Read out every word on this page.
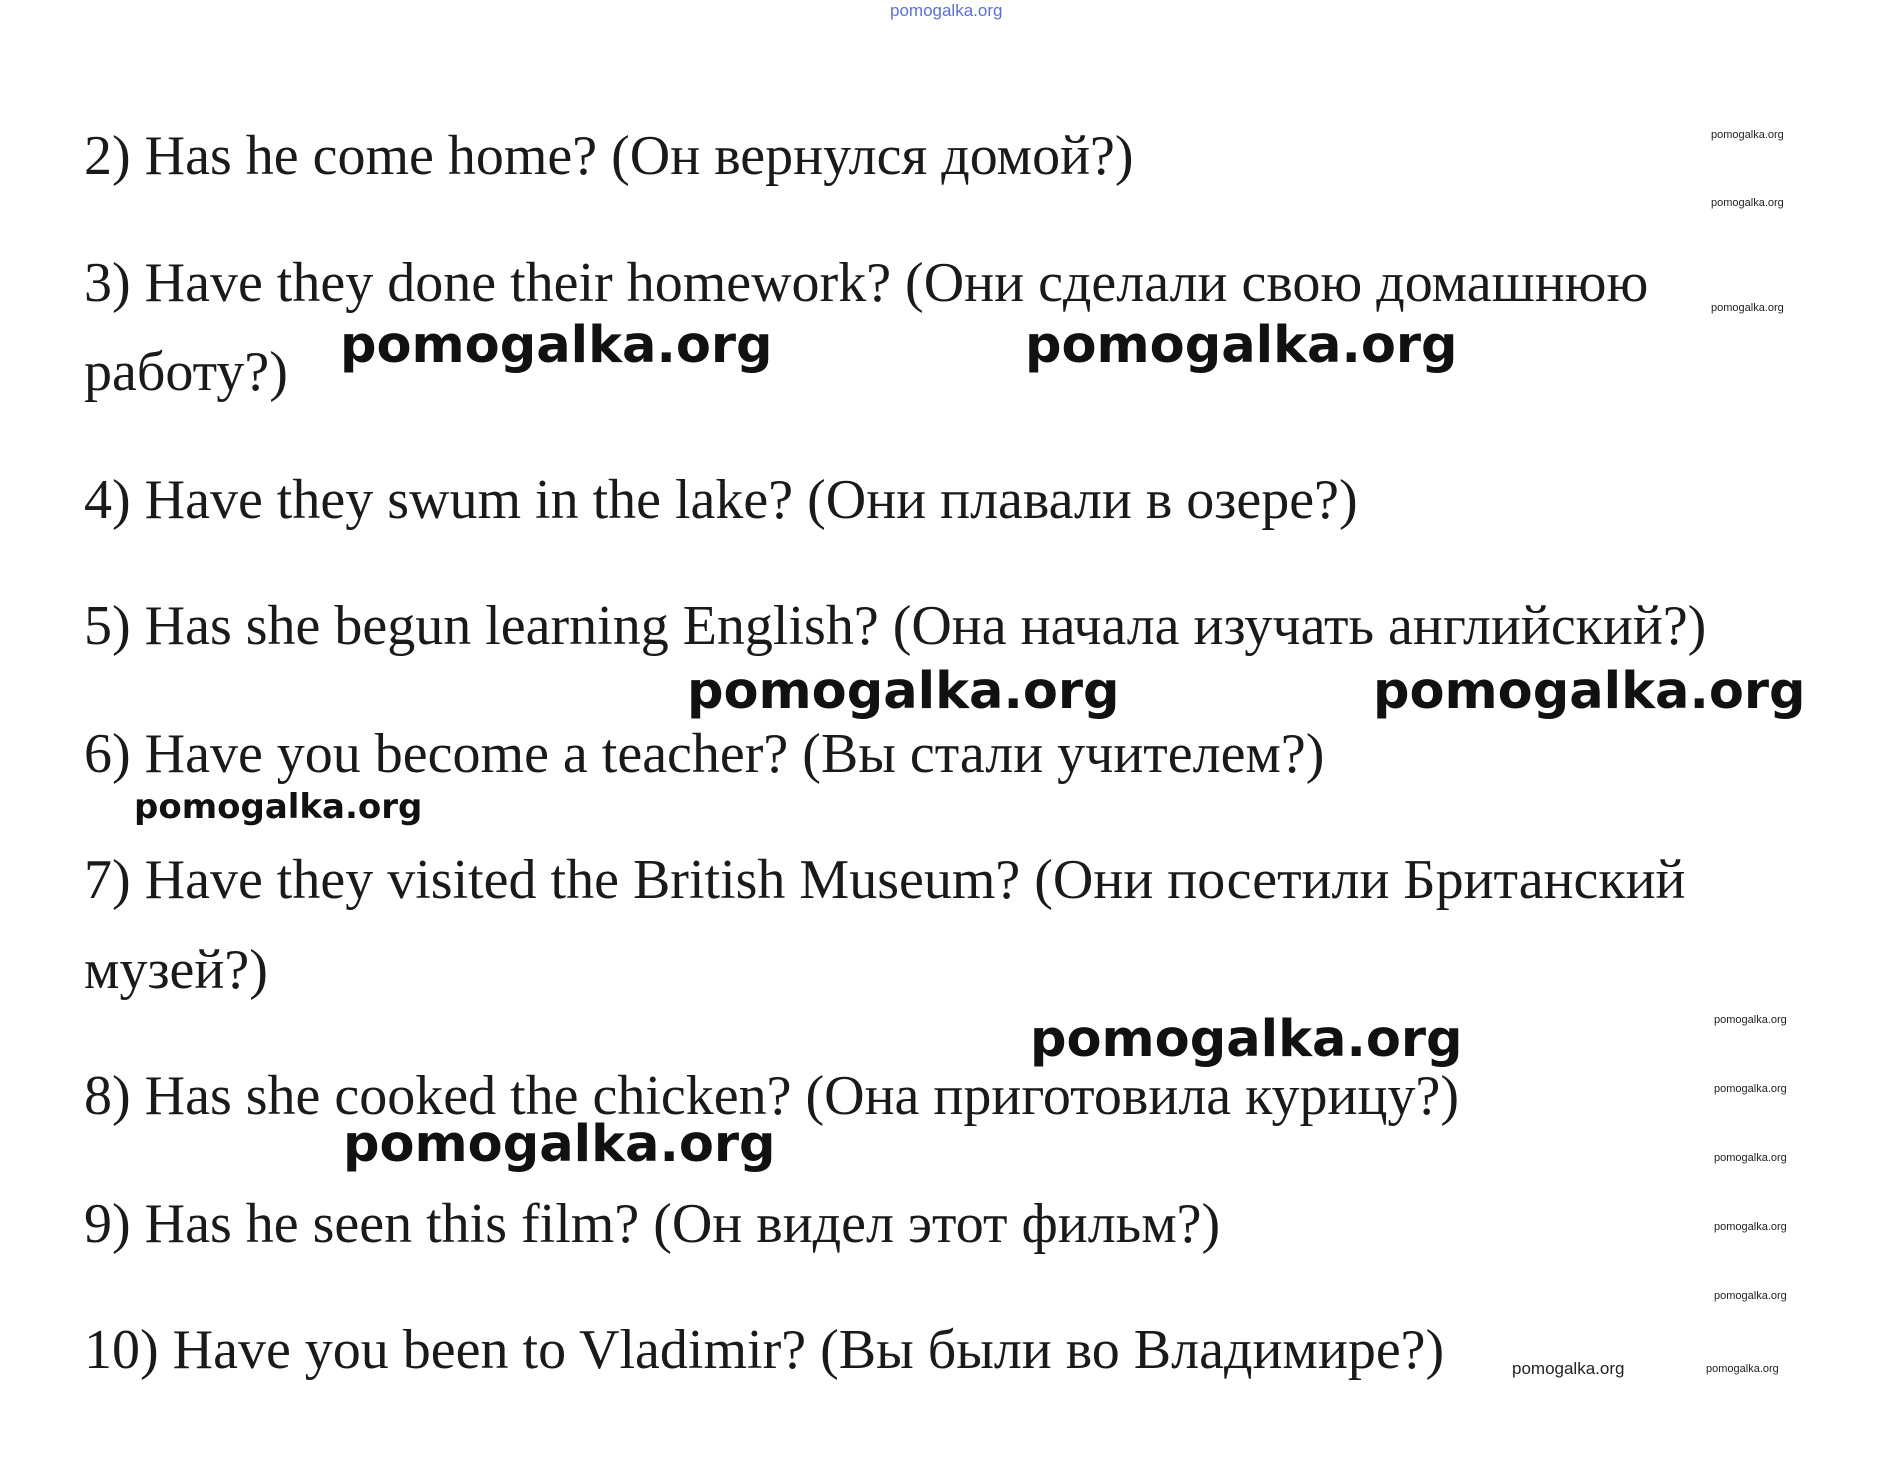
pomogalka.org
2) Has he come home? (Он вернулся домой?)
3) Have they done their homework? (Они сделали свою домашнюю
работу?)
4) Have they swum in the lake? (Они плавали в озере?)
5) Has she begun learning English? (Она начала изучать английский?)
6) Have you become a teacher? (Вы стали учителем?)
7) Have they visited the British Museum? (Они посетили Британский
музей?)
8) Has she cooked the chicken? (Она приготовила курицу?)
9) Has he seen this film? (Он видел этот фильм?)
10) Have you been to Vladimir? (Вы были во Владимире?)
pomogalka.org	pomogalka.org
pomogalka.org	pomogalka.org
pomogalka.org
pomogalka.org
pomogalka.org
pomogalka.org
pomogalka.org
pomogalka.org
pomogalka.org
pomogalka.org
pomogalka.org
pomogalka.org
pomogalka.org
pomogalka.org
pomogalka.org
